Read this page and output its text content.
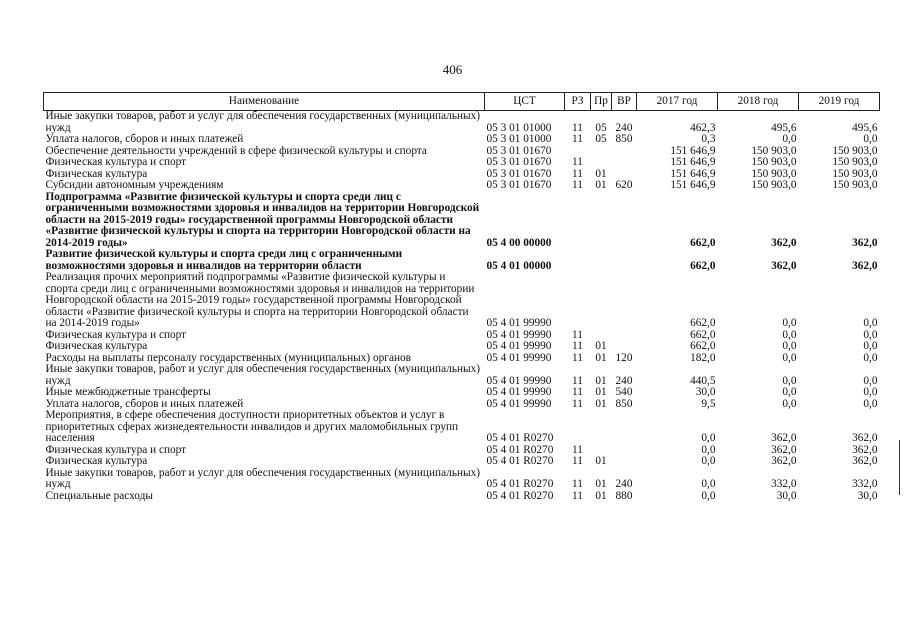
406
Наименование	ЦСТ	РЗ	Пр	ВР	2017 год	2018 год	2019 год
Иные закупки товаров, работ и услуг для обеспечения государственных (муниципальных) нужд	05 3 01 01000	11	05	240	462,3	495,6	495,6
Уплата налогов, сборов и иных платежей	05 3 01 01000	11	05	850	0,3	0,0	0,0
Обеспечение деятельности учреждений в сфере физической культуры и спорта	05 3 01 01670				151 646,9	150 903,0	150 903,0
Физическая культура и спорт	05 3 01 01670	11			151 646,9	150 903,0	150 903,0
Физическая культура	05 3 01 01670	11	01		151 646,9	150 903,0	150 903,0
Субсидии автономным учреждениям	05 3 01 01670	11	01	620	151 646,9	150 903,0	150 903,0
Подпрограмма «Развитие физической культуры и спорта среди лиц с ограниченными возможностями здоровья и инвалидов на территории Новгородской области на 2015-2019 годы» государственной программы Новгородской области «Развитие физической культуры и спорта на территории Новгородской области на 2014-2019 годы»	05 4 00 00000				662,0	362,0	362,0
Развитие физической культуры и спорта среди лиц с ограниченными возможностями здоровья и инвалидов на территории области	05 4 01 00000				662,0	362,0	362,0
Реализация прочих мероприятий подпрограммы «Развитие физической культуры и спорта среди лиц с ограниченными возможностями здоровья и инвалидов на территории Новгородской области на 2015-2019 годы» государственной программы Новгородской области «Развитие физической культуры и спорта на территории Новгородской области на 2014-2019 годы»	05 4 01 99990				662,0	0,0	0,0
Физическая культура и спорт	05 4 01 99990	11			662,0	0,0	0,0
Физическая культура	05 4 01 99990	11	01		662,0	0,0	0,0
Расходы на выплаты персоналу государственных (муниципальных) органов	05 4 01 99990	11	01	120	182,0	0,0	0,0
Иные закупки товаров, работ и услуг для обеспечения государственных (муниципальных) нужд	05 4 01 99990	11	01	240	440,5	0,0	0,0
Иные межбюджетные трансферты	05 4 01 99990	11	01	540	30,0	0,0	0,0
Уплата налогов, сборов и иных платежей	05 4 01 99990	11	01	850	9,5	0,0	0,0
Мероприятия, в сфере обеспечения доступности приоритетных объектов и услуг в приоритетных сферах жизнедеятельности инвалидов и других маломобильных групп населения	05 4 01 R0270				0,0	362,0	362,0
Физическая культура и спорт	05 4 01 R0270	11			0,0	362,0	362,0
Физическая культура	05 4 01 R0270	11	01		0,0	362,0	362,0
Иные закупки товаров, работ и услуг для обеспечения государственных (муниципальных) нужд	05 4 01 R0270	11	01	240	0,0	332,0	332,0
Специальные расходы	05 4 01 R0270	11	01	880	0,0	30,0	30,0
